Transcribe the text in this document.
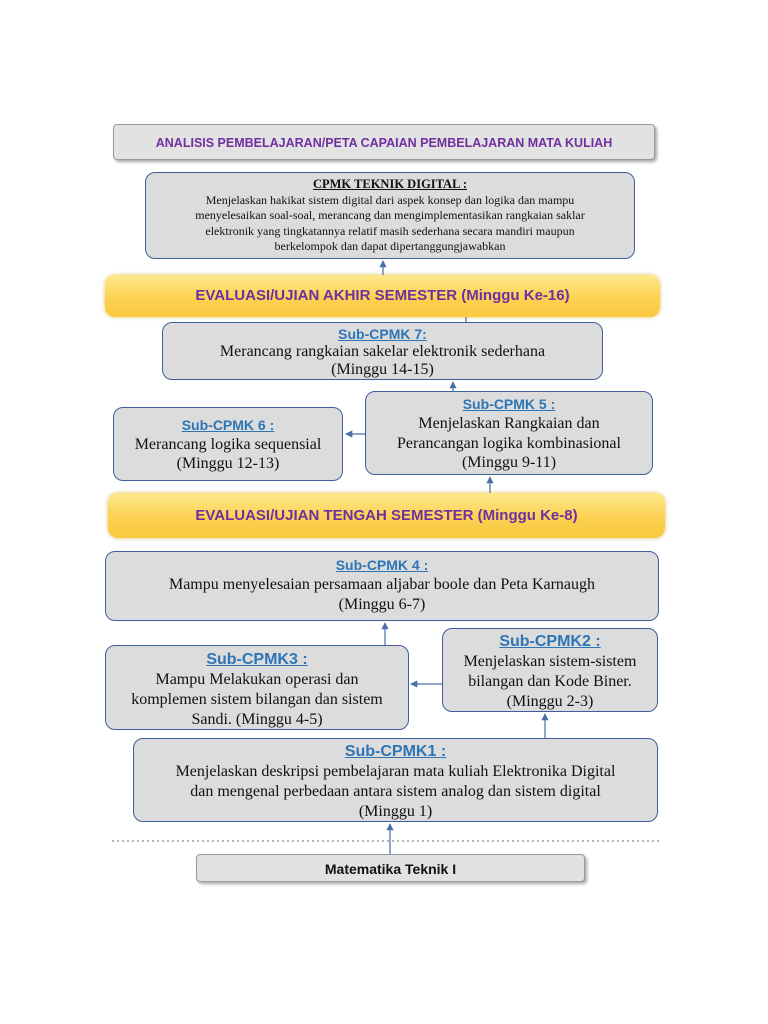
ANALISIS PEMBELAJARAN/PETA CAPAIAN PEMBELAJARAN MATA KULIAH
CPMK TEKNIK DIGITAL :
Menjelaskan hakikat sistem digital dari aspek konsep dan logika dan mampu
menyelesaikan soal-soal, merancang dan mengimplementasikan rangkaian saklar
elektronik yang tingkatannya relatif masih sederhana secara mandiri maupun
berkelompok dan dapat dipertanggungjawabkan
EVALUASI/UJIAN AKHIR SEMESTER (Minggu Ke-16)
Sub-CPMK 7:
Merancang rangkaian sakelar elektronik sederhana
(Minggu 14-15)
Sub-CPMK 6 :
Merancang logika sequensial
(Minggu 12-13)
Sub-CPMK 5 :
Menjelaskan Rangkaian dan
Perancangan logika kombinasional
(Minggu 9-11)
EVALUASI/UJIAN TENGAH SEMESTER (Minggu Ke-8)
Sub-CPMK 4 :
Mampu menyelesaian persamaan aljabar boole dan Peta Karnaugh
(Minggu 6-7)
Sub-CPMK3 :
Mampu Melakukan operasi dan
komplemen sistem bilangan dan sistem
Sandi. (Minggu 4-5)
Sub-CPMK2 :
Menjelaskan sistem-sistem
bilangan dan Kode Biner.
(Minggu 2-3)
Sub-CPMK1 :
Menjelaskan deskripsi pembelajaran mata kuliah Elektronika Digital
dan mengenal perbedaan antara sistem analog dan sistem digital
(Minggu 1)
Matematika Teknik I
